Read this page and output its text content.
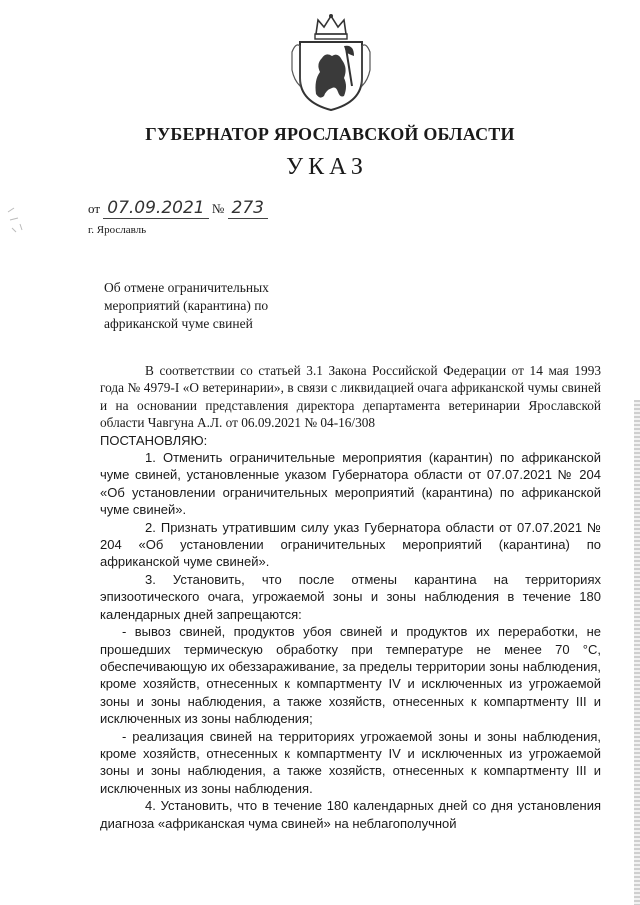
ГУБЕРНАТОР ЯРОСЛАВСКОЙ ОБЛАСТИ
УКАЗ
от 07.09.2021 № 273
г. Ярославль
Об отмене ограничительных
мероприятий (карантина) по
африканской чуме свиней

В соответствии со статьей 3.1 Закона Российской Федерации от 14 мая 1993 года № 4979-I «О ветеринарии», в связи с ликвидацией очага африканской чумы свиней и на основании представления директора департамента ветеринарии Ярославской области Чавгуна А.Л. от 06.09.2021 № 04-16/308

ПОСТАНОВЛЯЮ:

1. Отменить ограничительные мероприятия (карантин) по африканской чуме свиней, установленные указом Губернатора области от 07.07.2021 № 204 «Об установлении ограничительных мероприятий (карантина) по африканской чуме свиней».

2. Признать утратившим силу указ Губернатора области от 07.07.2021 № 204 «Об установлении ограничительных мероприятий (карантина) по африканской чуме свиней».

3. Установить, что после отмены карантина на территориях эпизоотического очага, угрожаемой зоны и зоны наблюдения в течение 180 календарных дней запрещаются:

- вывоз свиней, продуктов убоя свиней и продуктов их переработки, не прошедших термическую обработку при температуре не менее 70 °С, обеспечивающую их обеззараживание, за пределы территории зоны наблюдения, кроме хозяйств, отнесенных к компартменту IV и исключенных из угрожаемой зоны и зоны наблюдения, а также хозяйств, отнесенных к компартменту III и исключенных из зоны наблюдения;

- реализация свиней на территориях угрожаемой зоны и зоны наблюдения, кроме хозяйств, отнесенных к компартменту IV и исключенных из угрожаемой зоны и зоны наблюдения, а также хозяйств, отнесенных к компартменту III и исключенных из зоны наблюдения.

4. Установить, что в течение 180 календарных дней со дня установления диагноза «африканская чума свиней» на неблагополучной
